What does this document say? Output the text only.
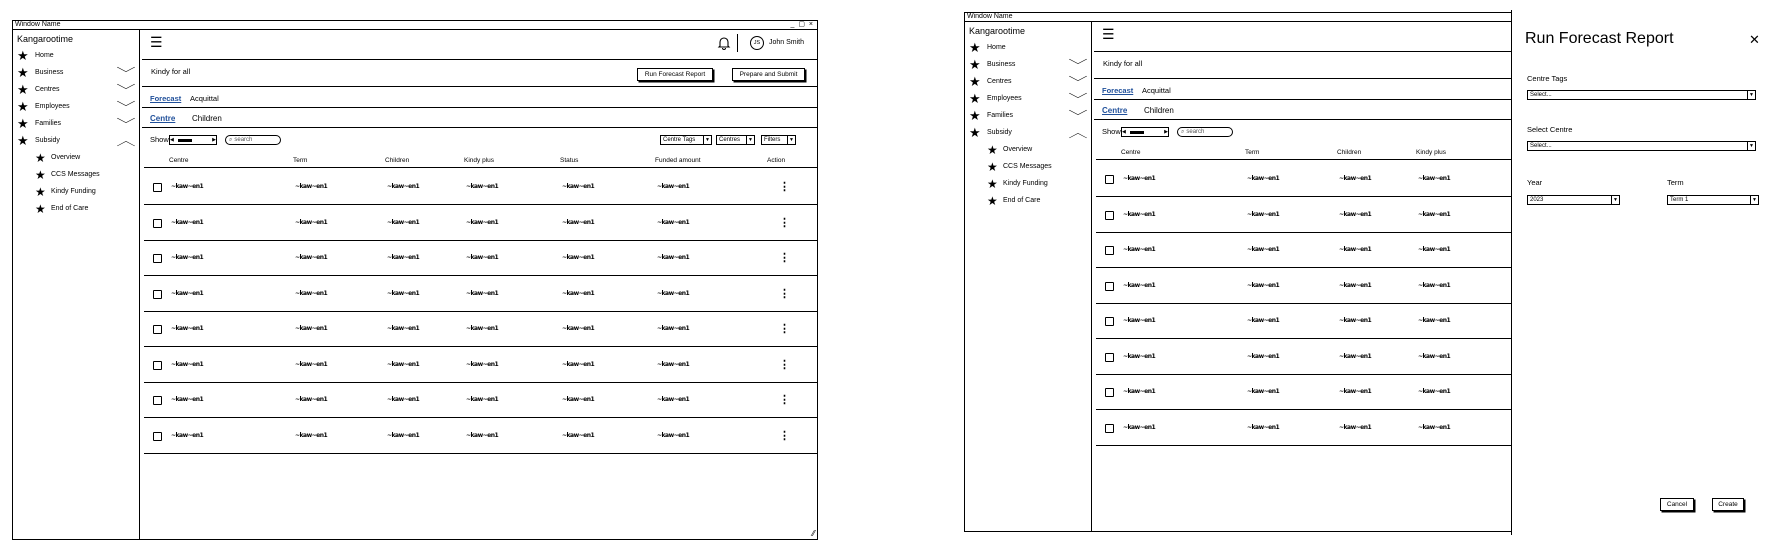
Window Name	_ ▢ ×
Kangarootime
★ Home
★ Business	﹀
★ Centres	﹀
★ Employees	﹀
★ Families	﹀
★ Subsidy	︿
★ Overview
★ CCS Messages
★ Kindy Funding
★ End of Care
☰	JS	John Smith
Kindy for all	Run Forecast Report	Prepare and Submit
Forecast Acquittal
Centre Children
Show ◀	▶	⌕ search	Centre Tags	▼	Centres	▼	Filters	▼
Centre	Term	Children	Kindy plus	Status	Funded amount	Action
~kaw~en1	~kaw~en1	~kaw~en1	~kaw~en1	~kaw~en1	~kaw~en1	⋮
~kaw~en1	~kaw~en1	~kaw~en1	~kaw~en1	~kaw~en1	~kaw~en1	⋮
~kaw~en1	~kaw~en1	~kaw~en1	~kaw~en1	~kaw~en1	~kaw~en1	⋮
~kaw~en1	~kaw~en1	~kaw~en1	~kaw~en1	~kaw~en1	~kaw~en1	⋮
~kaw~en1	~kaw~en1	~kaw~en1	~kaw~en1	~kaw~en1	~kaw~en1	⋮
~kaw~en1	~kaw~en1	~kaw~en1	~kaw~en1	~kaw~en1	~kaw~en1	⋮
~kaw~en1	~kaw~en1	~kaw~en1	~kaw~en1	~kaw~en1	~kaw~en1	⋮
~kaw~en1	~kaw~en1	~kaw~en1	~kaw~en1	~kaw~en1	~kaw~en1	⋮
⁄⁄
Window Name
Kangarootime
★ Home
★ Business	﹀
★ Centres	﹀
★ Employees	﹀
★ Families	﹀
★ Subsidy	︿
★ Overview
★ CCS Messages
★ Kindy Funding
★ End of Care
☰
Kindy for all
Forecast Acquittal
Centre Children
Show ◀	▶	⌕ search
Centre	Term	Children	Kindy plus
~kaw~en1	~kaw~en1	~kaw~en1	~kaw~en1
~kaw~en1	~kaw~en1	~kaw~en1	~kaw~en1
~kaw~en1	~kaw~en1	~kaw~en1	~kaw~en1
~kaw~en1	~kaw~en1	~kaw~en1	~kaw~en1
~kaw~en1	~kaw~en1	~kaw~en1	~kaw~en1
~kaw~en1	~kaw~en1	~kaw~en1	~kaw~en1
~kaw~en1	~kaw~en1	~kaw~en1	~kaw~en1
~kaw~en1	~kaw~en1	~kaw~en1	~kaw~en1
Run Forecast Report	✕
Centre Tags
Select...	▼
Select Centre
Select...	▼
Year
2023	▼
Term
Term 1	▼
Cancel	Create
